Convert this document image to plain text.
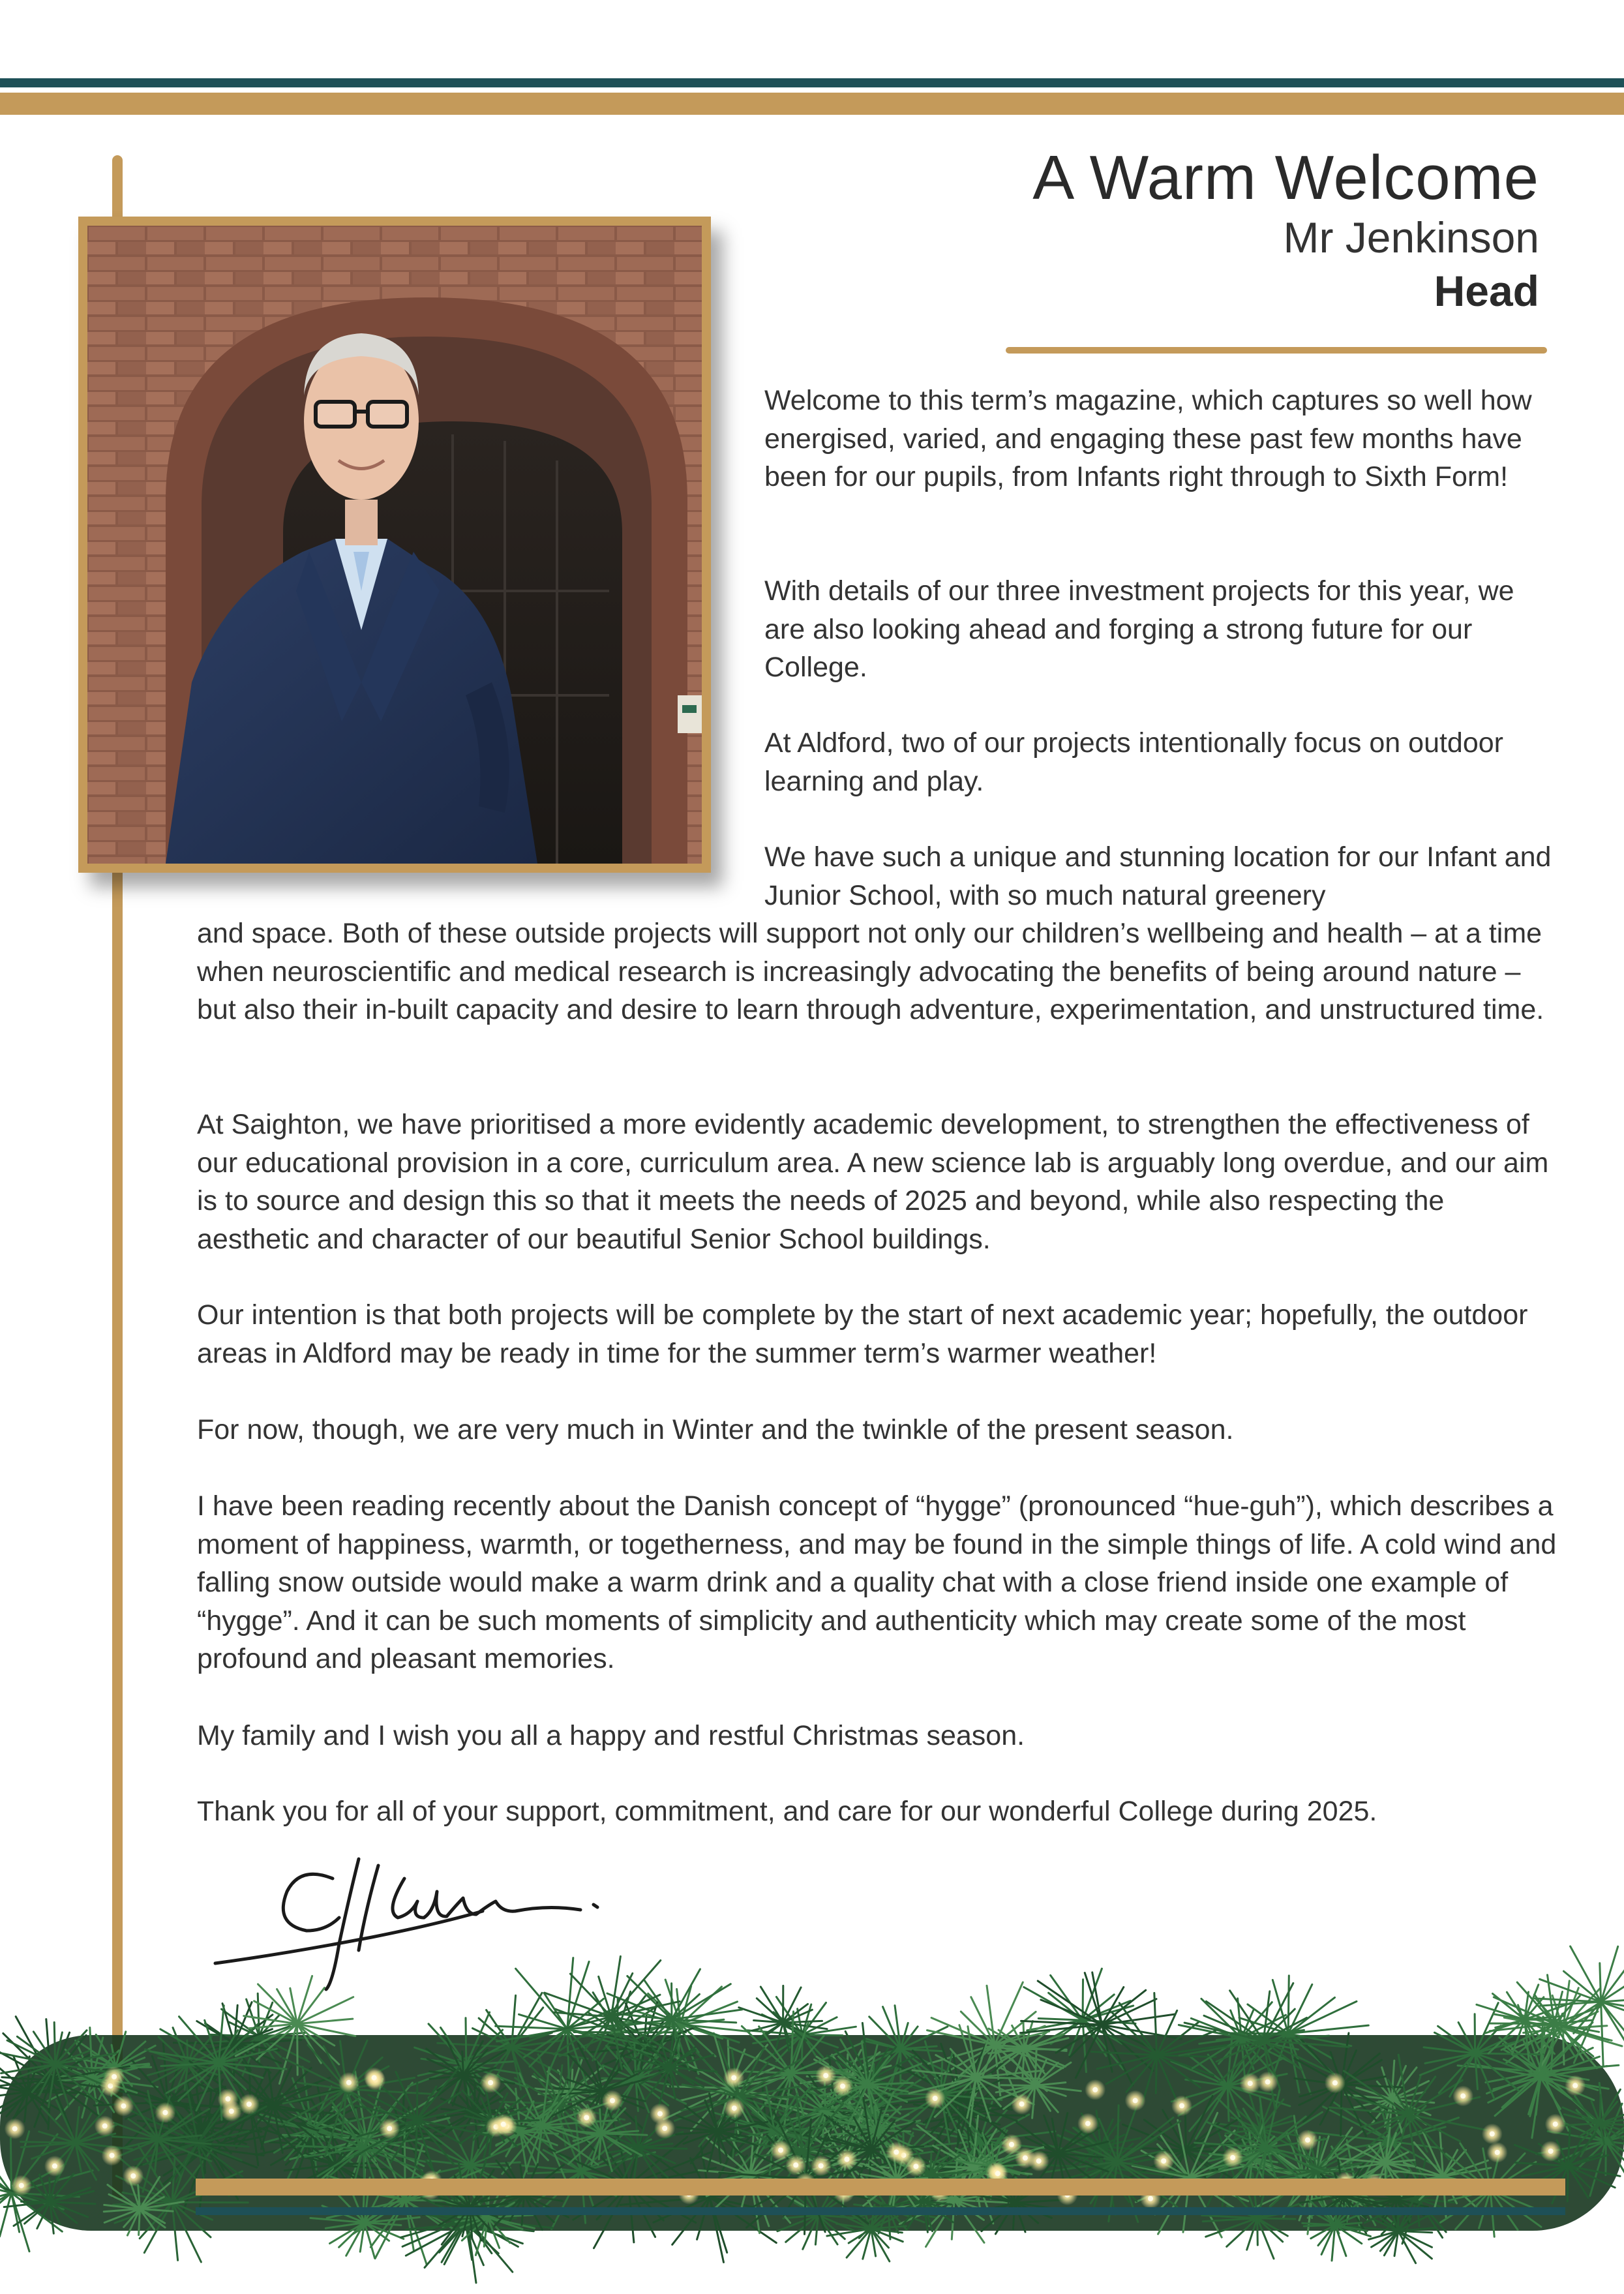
A Warm Welcome
Mr Jenkinson
Head

Welcome to this term’s magazine, which captures so well how energised, varied, and engaging these past few months have been for our pupils, from Infants right through to Sixth Form!

With details of our three investment projects for this year, we are also looking ahead and forging a strong future for our College.

At Aldford, two of our projects intentionally focus on outdoor learning and play.

We have such a unique and stunning location for our Infant and Junior School, with so much natural greenery

and space. Both of these outside projects will support not only our children’s wellbeing and health – at a time when neuroscientific and medical research is increasingly advocating the benefits of being around nature – but also their in-built capacity and desire to learn through adventure, experimentation, and unstructured time.

At Saighton, we have prioritised a more evidently academic development, to strengthen the effectiveness of our educational provision in a core, curriculum area. A new science lab is arguably long overdue, and our aim is to source and design this so that it meets the needs of 2025 and beyond, while also respecting the aesthetic and character of our beautiful Senior School buildings.

Our intention is that both projects will be complete by the start of next academic year; hopefully, the outdoor areas in Aldford may be ready in time for the summer term’s warmer weather!

For now, though, we are very much in Winter and the twinkle of the present season.

I have been reading recently about the Danish concept of “hygge” (pronounced “hue-guh”), which describes a moment of happiness, warmth, or togetherness, and may be found in the simple things of life. A cold wind and falling snow outside would make a warm drink and a quality chat with a close friend inside one example of “hygge”. And it can be such moments of simplicity and authenticity which may create some of the most profound and pleasant memories.

My family and I wish you all a happy and restful Christmas season.

Thank you for all of your support, commitment, and care for our wonderful College during 2025.
